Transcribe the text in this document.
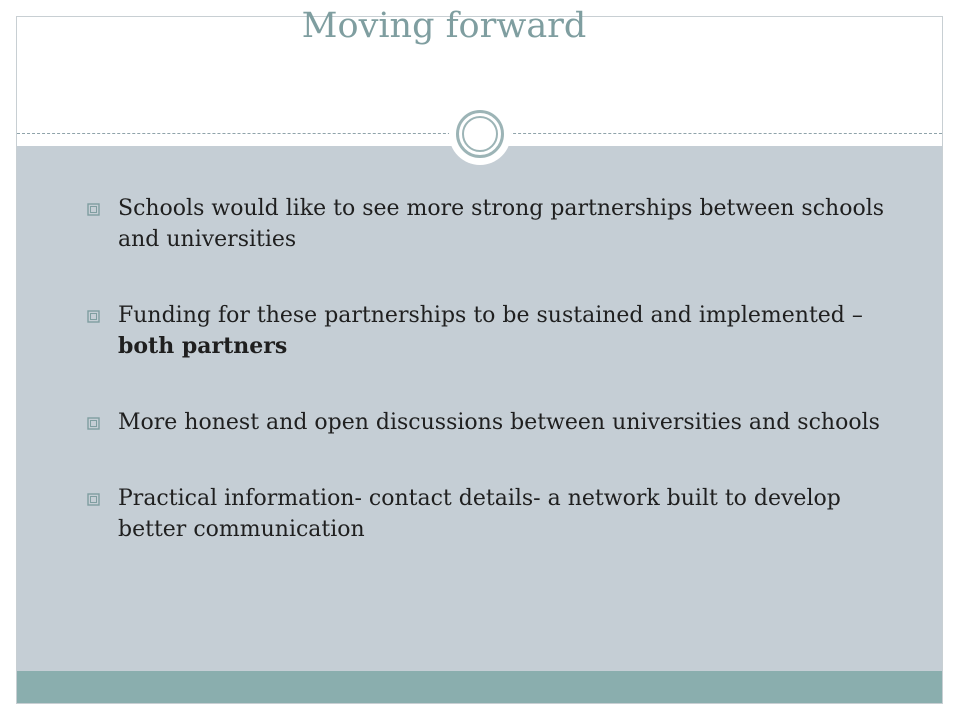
Moving forward
Schools would like to see more strong partnerships between schools and universities
Funding for these partnerships to be sustained and implemented – both partners
More honest and open discussions between universities and schools
Practical information- contact details- a network built to develop better communication
